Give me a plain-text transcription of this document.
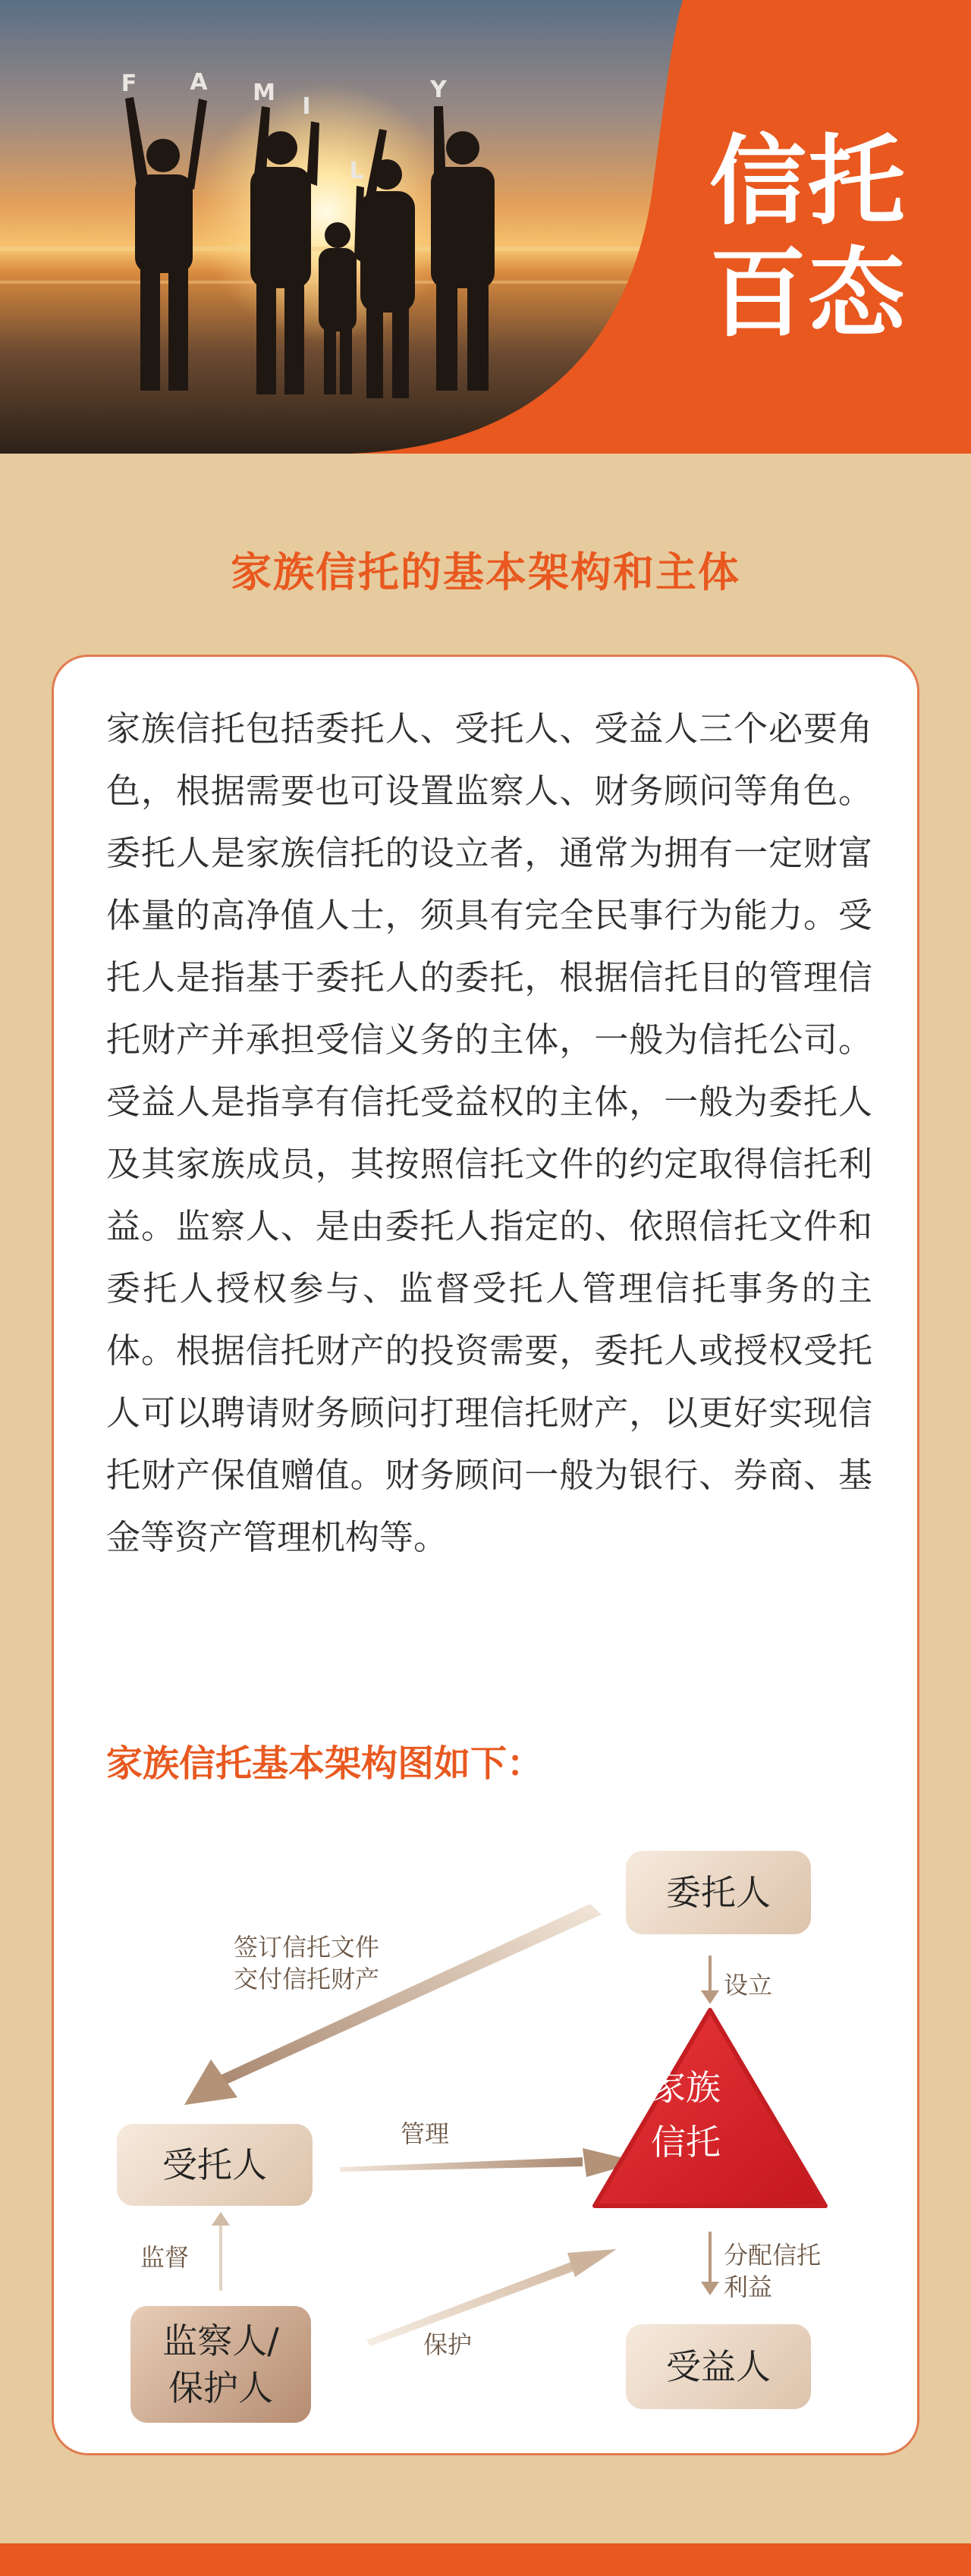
F A M
I
L
Y
信托
百态
家族信托的基本架构和主体
家族信托包括委托人、受托人、受益人三个必要角色，根据需要也可设置监察人、财务顾问等角色。委托人是家族信托的设立者，通常为拥有一定财富体量的高净值人士，须具有完全民事行为能力。受托人是指基于委托人的委托，根据信托目的管理信托财产并承担受信义务的主体，一般为信托公司。受益人是指享有信托受益权的主体，一般为委托人及其家族成员，其按照信托文件的约定取得信托利益。监察人、是由委托人指定的、依照信托文件和委托人授权参与、监督受托人管理信托事务的主体。根据信托财产的投资需要，委托人或授权受托人可以聘请财务顾问打理信托财产，以更好实现信托财产保值赠值。财务顾问一般为银行、券商、基金等资产管理机构等。
家族信托基本架构图如下：
委托人
受托人
监察人/
保护人
受益人
家族
信托
签订信托文件
交付信托财产	设立
管理
监督
保护
分配信托
利益
